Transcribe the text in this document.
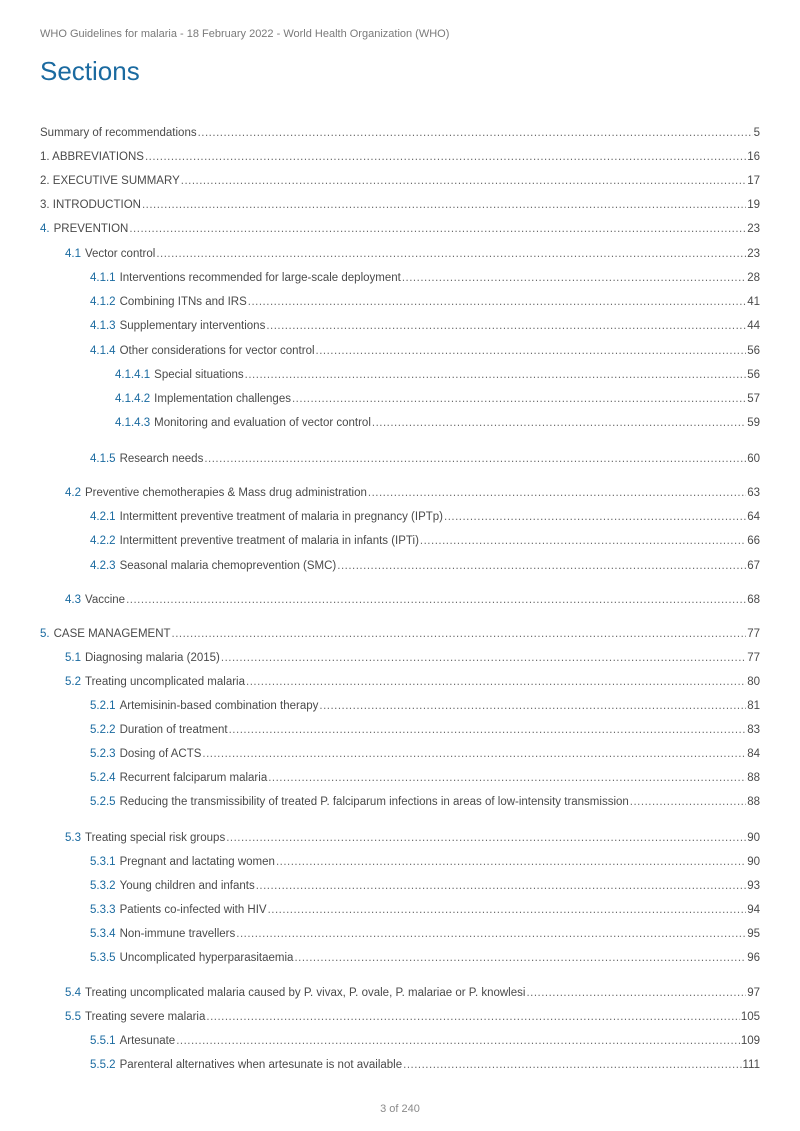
WHO Guidelines for malaria - 18 February 2022 - World Health Organization (WHO)
Sections
Summary of recommendations .....	5
1. ABBREVIATIONS .....	16
2. EXECUTIVE SUMMARY .....	17
3. INTRODUCTION .....	19
4. PREVENTION .....	23
4.1 Vector control .....	23
4.1.1 Interventions recommended for large-scale deployment .....	28
4.1.2 Combining ITNs and IRS .....	41
4.1.3 Supplementary interventions .....	44
4.1.4 Other considerations for vector control .....	56
4.1.4.1 Special situations .....	56
4.1.4.2 Implementation challenges .....	57
4.1.4.3 Monitoring and evaluation of vector control .....	59
4.1.5 Research needs .....	60
4.2 Preventive chemotherapies & Mass drug administration .....	63
4.2.1 Intermittent preventive treatment of malaria in pregnancy (IPTp) .....	64
4.2.2 Intermittent preventive treatment of malaria in infants (IPTi) .....	66
4.2.3 Seasonal malaria chemoprevention (SMC) .....	67
4.3 Vaccine .....	68
5. CASE MANAGEMENT .....	77
5.1 Diagnosing malaria (2015) .....	77
5.2 Treating uncomplicated malaria .....	80
5.2.1 Artemisinin-based combination therapy .....	81
5.2.2 Duration of treatment .....	83
5.2.3 Dosing of ACTS .....	84
5.2.4 Recurrent falciparum malaria .....	88
5.2.5 Reducing the transmissibility of treated P. falciparum infections in areas of low-intensity transmission .....	88
5.3 Treating special risk groups .....	90
5.3.1 Pregnant and lactating women .....	90
5.3.2 Young children and infants .....	93
5.3.3 Patients co-infected with HIV .....	94
5.3.4 Non-immune travellers .....	95
5.3.5 Uncomplicated hyperparasitaemia .....	96
5.4 Treating uncomplicated malaria caused by P. vivax, P. ovale, P. malariae or P. knowlesi .....	97
5.5 Treating severe malaria .....	105
5.5.1 Artesunate .....	109
5.5.2 Parenteral alternatives when artesunate is not available .....	111
3 of 240
